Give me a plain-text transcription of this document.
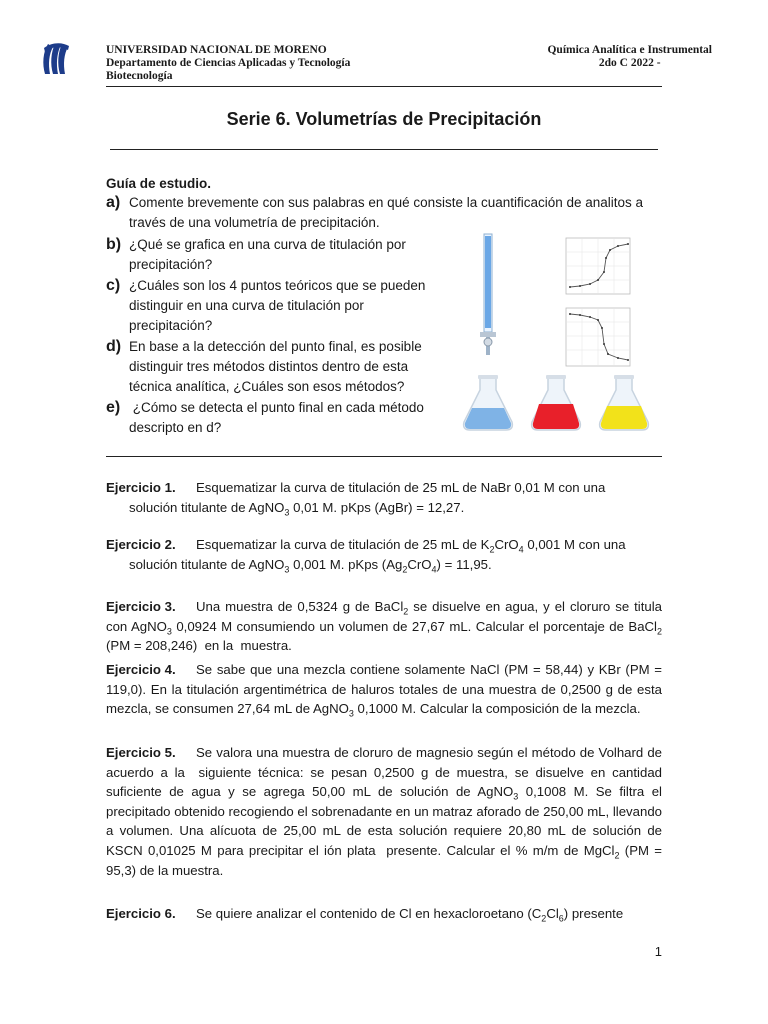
UNIVERSIDAD NACIONAL DE MORENO
Departamento de Ciencias Aplicadas y Tecnología
Biotecnología
Química Analítica e Instrumental
2do C 2022 -
Serie 6. Volumetrías de Precipitación
Guía de estudio.
a) Comente brevemente con sus palabras en qué consiste la cuantificación de analitos a
través de una volumetría de precipitación.
b) ¿Qué se grafica en una curva de titulación por
precipitación?
c) ¿Cuáles son los 4 puntos teóricos que se pueden
distinguir en una curva de titulación por
precipitación?
d) En base a la detección del punto final, es posible
distinguir tres métodos distintos dentro de esta
técnica analítica, ¿Cuáles son esos métodos?
e) ¿Cómo se detecta el punto final en cada método
descripto en d?
Ejercicio 1. Esquematizar la curva de titulación de 25 mL de NaBr 0,01 M con una
solución titulante de AgNO$_3$ 0,01 M. pKps (AgBr) = 12,27.
Ejercicio 2. Esquematizar la curva de titulación de 25 mL de $K_2CrO_4$ 0,001 M con una
solución titulante de AgNO$_3$ 0,001 M. pKps $(Ag_2CrO_4) = 11,95$.
Ejercicio 3. Una muestra de 0,5324 g de BaCl$_2$ se disuelve en agua, y el cloruro se titula con AgNO$_3$ 0,0924 M consumiendo un volumen de 27,67 mL. Calcular el porcentaje de BaCl$_2$ (PM = 208,246)  en la  muestra.
Ejercicio 4. Se sabe que una mezcla contiene solamente NaCl (PM = 58,44) y KBr (PM = 119,0). En la titulación argentimétrica de haluros totales de una muestra de 0,2500 g de esta mezcla, se consumen 27,64 mL de AgNO$_3$ 0,1000 M. Calcular la composición de la mezcla.
Ejercicio 5. Se valora una muestra de cloruro de magnesio según el método de Volhard de acuerdo a la  siguiente técnica: se pesan 0,2500 g de muestra, se disuelve en cantidad suficiente de agua y se agrega 50,00 mL de solución de AgNO$_3$ 0,1008 M. Se filtra el precipitado obtenido recogiendo el sobrenadante en un matraz aforado de 250,00 mL, llevando a volumen. Una alícuota de 25,00 mL de esta solución requiere 20,80 mL de solución de KSCN 0,01025 M para precipitar el ión plata  presente. Calcular el % m/m de MgCl$_2$ (PM = 95,3) de la muestra.
Ejercicio 6. Se quiere analizar el contenido de Cl en hexacloroetano $(C_2Cl_6)$ presente
1
